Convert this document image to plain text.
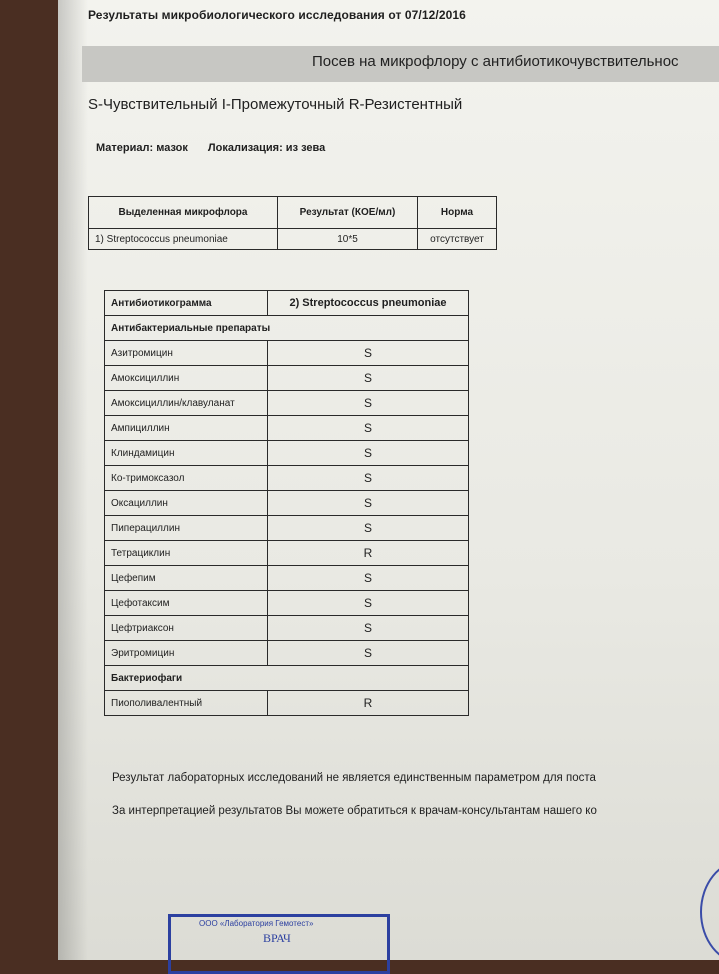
Результаты микробиологического исследования от 07/12/2016
Посев на микрофлору с антибиотикочувствительнос
S-Чувствительный I-Промежуточный R-Резистентный
Материал: мазок Локализация: из зева
Выделенная микрофлора	Результат (КОЕ/мл)	Норма
1) Streptococcus pneumoniae	10*5	отсутствует
Антибиотикограмма	2) Streptococcus pneumoniae
Антибактериальные препараты	
Азитромицин	S
Амоксициллин	S
Амоксициллин/клавуланат	S
Ампициллин	S
Клиндамицин	S
Ко-тримоксазол	S
Оксациллин	S
Пиперациллин	S
Тетрациклин	R
Цефепим	S
Цефотаксим	S
Цефтриаксон	S
Эритромицин	S
Бактериофаги	
Пиополивалентный	R
Результат лабораторных исследований не является единственным параметром для поста
За интерпретацией результатов Вы можете обратиться к врачам-консультантам нашего ко
ООО «Лаборатория Гемотест»
ВРАЧ
